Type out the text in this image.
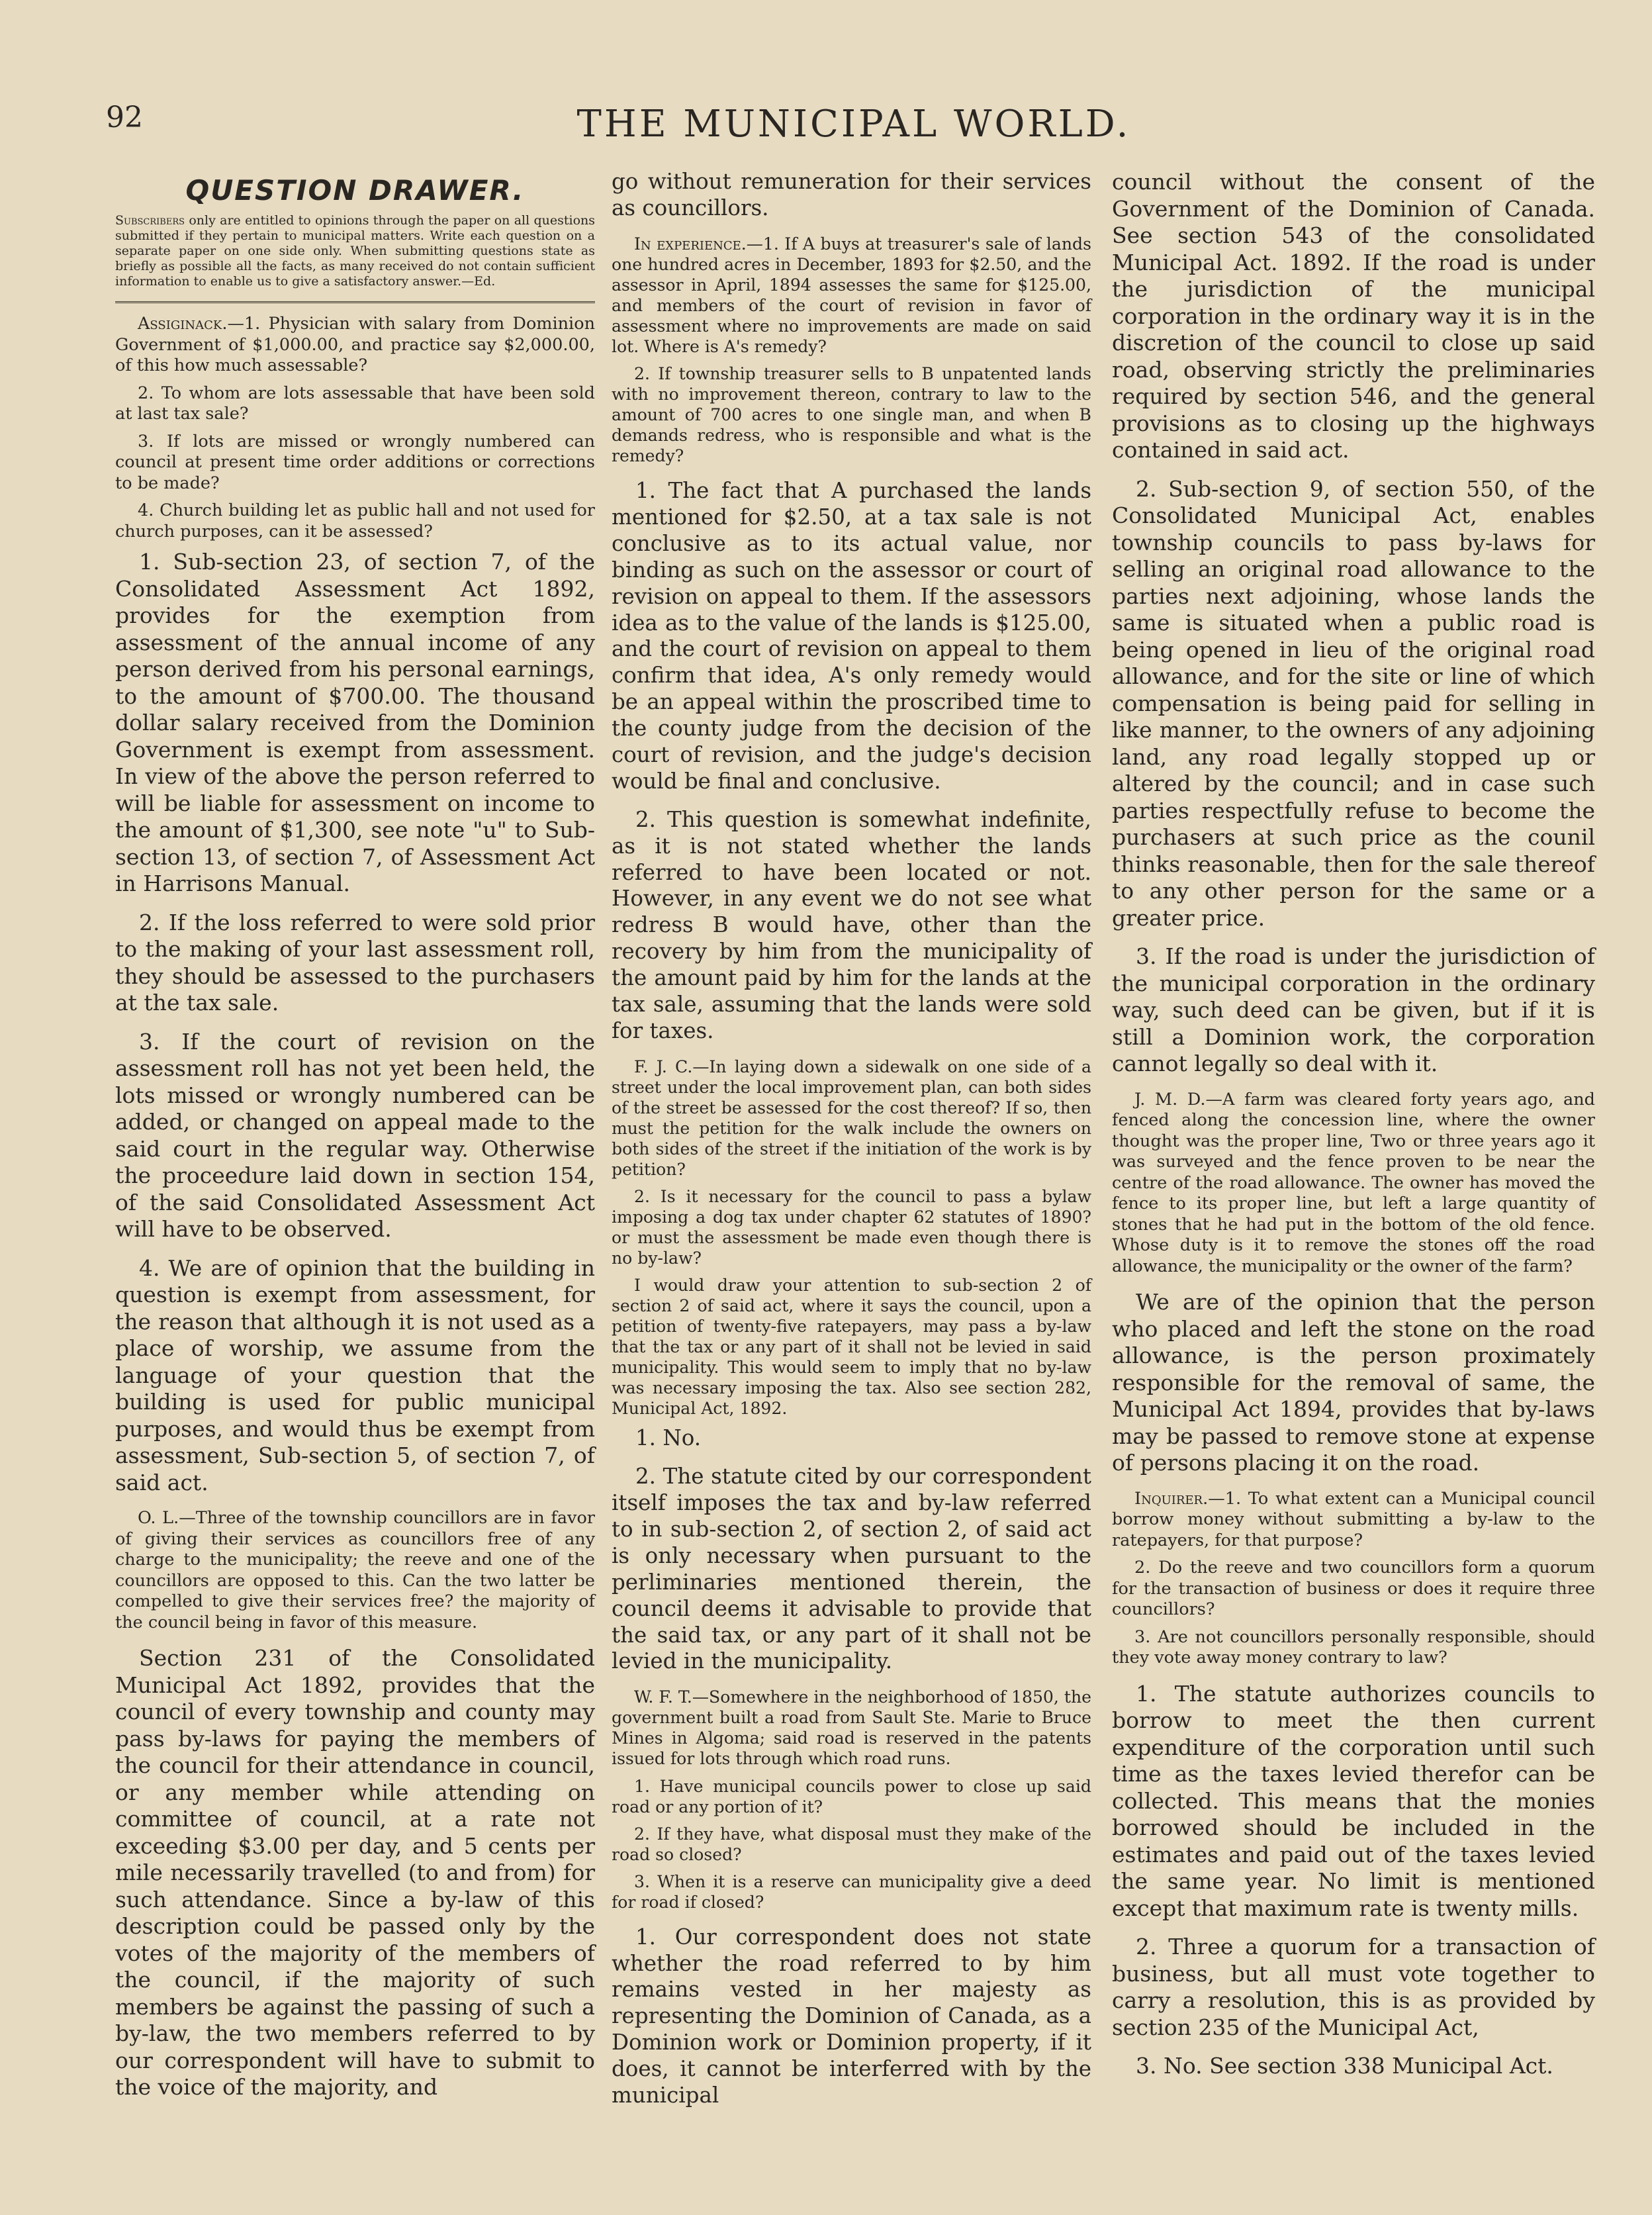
92	THE MUNICIPAL WORLD.
QUESTION DRAWER.

Subscribers only are entitled to opinions through the paper on all questions submitted if they pertain to municipal matters. Write each question on a separate paper on one side only. When submitting questions state as briefly as possible all the facts, as many received do not contain sufficient information to enable us to give a satisfactory answer.—Ed.

Assiginack.—1. Physician with salary from Dominion Government of $1,000.00, and practice say $2,000.00, of this how much assessable?

2. To whom are lots assessable that have been sold at last tax sale?

3. If lots are missed or wrongly numbered can council at present time order additions or corrections to be made?

4. Church building let as public hall and not used for church purposes, can it be assessed?

1. Sub-section 23, of section 7, of the Consolidated Assessment Act 1892, provides for the exemption from assessment of the annual income of any person derived from his personal earnings, to the amount of $700.00. The thousand dollar salary received from the Dominion Government is exempt from assessment. In view of the above the person referred to will be liable for assessment on income to the amount of $1,300, see note "u" to Sub-section 13, of section 7, of Assessment Act in Harrisons Manual.

2. If the loss referred to were sold prior to the making of your last assessment roll, they should be assessed to the purchasers at the tax sale.

3. If the court of revision on the assessment roll has not yet been held, the lots missed or wrongly numbered can be added, or changed on appeal made to the said court in the regular way. Otherwise the proceedure laid down in section 154, of the said Consolidated Assessment Act will have to be observed.

4. We are of opinion that the building in question is exempt from assessment, for the reason that although it is not used as a place of worship, we assume from the language of your question that the building is used for public municipal purposes, and would thus be exempt from assessment, Sub-section 5, of section 7, of said act.

O. L.—Three of the township councillors are in favor of giving their services as councillors free of any charge to the municipality; the reeve and one of the councillors are opposed to this. Can the two latter be compelled to give their services free? the majority of the council being in favor of this measure.

Section 231 of the Consolidated Municipal Act 1892, provides that the council of every township and county may pass by-laws for paying the members of the council for their attendance in council, or any member while attending on committee of council, at a rate not exceeding $3.00 per day, and 5 cents per mile necessarily travelled (to and from) for such attendance. Since a by-law of this description could be passed only by the votes of the majority of the members of the council, if the majority of such members be against the passing of such a by-law, the two members referred to by our correspondent will have to submit to the voice of the majority, and

go without remuneration for their services as councillors.

In experience.—1. If A buys at treasurer's sale of lands one hundred acres in December, 1893 for $2.50, and the assessor in April, 1894 assesses the same for $125.00, and members of the court of revision in favor of assessment where no improvements are made on said lot. Where is A's remedy?

2. If township treasurer sells to B unpatented lands with no improvement thereon, contrary to law to the amount of 700 acres to one single man, and when B demands redress, who is responsible and what is the remedy?

1. The fact that A purchased the lands mentioned for $2.50, at a tax sale is not conclusive as to its actual value, nor binding as such on the assessor or court of revision on appeal to them. If the assessors idea as to the value of the lands is $125.00, and the court of revision on appeal to them confirm that idea, A's only remedy would be an appeal within the proscribed time to the county judge from the decision of the court of revision, and the judge's decision would be final and conclusive.

2. This question is somewhat indefinite, as it is not stated whether the lands referred to have been located or not. However, in any event we do not see what redress B would have, other than the recovery by him from the municipality of the amount paid by him for the lands at the tax sale, assuming that the lands were sold for taxes.

F. J. C.—In laying down a sidewalk on one side of a street under the local improvement plan, can both sides of the street be assessed for the cost thereof? If so, then must the petition for the walk include the owners on both sides of the street if the initiation of the work is by petition?

2. Is it necessary for the council to pass a bylaw imposing a dog tax under chapter 62 statutes of 1890? or must the assessment be made even though there is no by-law?

I would draw your attention to sub-section 2 of section 2 of said act, where it says the council, upon a petition of twenty-five ratepayers, may pass a by-law that the tax or any part of it shall not be levied in said municipality. This would seem to imply that no by-law was necessary imposing the tax. Also see section 282, Municipal Act, 1892.

1. No.

2. The statute cited by our correspondent itself imposes the tax and by-law referred to in sub-section 2, of section 2, of said act is only necessary when pursuant to the perliminaries mentioned therein, the council deems it advisable to provide that the said tax, or any part of it shall not be levied in the municipality.

W. F. T.—Somewhere in the neighborhood of 1850, the government built a road from Sault Ste. Marie to Bruce Mines in Algoma; said road is reserved in the patents issued for lots through which road runs.

1. Have municipal councils power to close up said road or any portion of it?

2. If they have, what disposal must they make of the road so closed?

3. When it is a reserve can municipality give a deed for road if closed?

1. Our correspondent does not state whether the road referred to by him remains vested in her majesty as representing the Dominion of Canada, as a Dominion work or Dominion property, if it does, it cannot be interferred with by the municipal

council without the consent of the Government of the Dominion of Canada. See section 543 of the consolidated Municipal Act. 1892. If the road is under the jurisdiction of the municipal corporation in the ordinary way it is in the discretion of the council to close up said road, observing strictly the preliminaries required by section 546, and the general provisions as to closing up the highways contained in said act.

2. Sub-section 9, of section 550, of the Consolidated Municipal Act, enables township councils to pass by-laws for selling an original road allowance to the parties next adjoining, whose lands the same is situated when a public road is being opened in lieu of the original road allowance, and for the site or line of which compensation is being paid for selling in like manner, to the owners of any adjoining land, any road legally stopped up or altered by the council; and in case such parties respectfully refuse to become the purchasers at such price as the counil thinks reasonable, then for the sale thereof to any other person for the same or a greater price.

3. If the road is under the jurisdiction of the municipal corporation in the ordinary way, such deed can be given, but if it is still a Dominion work, the corporation cannot legally so deal with it.

J. M. D.—A farm was cleared forty years ago, and fenced along the concession line, where the owner thought was the proper line, Two or three years ago it was surveyed and the fence proven to be near the centre of the road allowance. The owner has moved the fence to its proper line, but left a large quantity of stones that he had put in the bottom of the old fence. Whose duty is it to remove the stones off the road allowance, the municipality or the owner of the farm?

We are of the opinion that the person who placed and left the stone on the road allowance, is the person proximately responsible for the removal of same, the Municipal Act 1894, provides that by-laws may be passed to remove stone at expense of persons placing it on the road.

Inquirer.—1. To what extent can a Municipal council borrow money without submitting a by-law to the ratepayers, for that purpose?

2. Do the reeve and two councillors form a quorum for the transaction of business or does it require three councillors?

3. Are not councillors personally responsible, should they vote away money contrary to law?

1. The statute authorizes councils to borrow to meet the then current expenditure of the corporation until such time as the taxes levied therefor can be collected. This means that the monies borrowed should be included in the estimates and paid out of the taxes levied the same year. No limit is mentioned except that maximum rate is twenty mills.

2. Three a quorum for a transaction of business, but all must vote together to carry a resolution, this is as provided by section 235 of the Municipal Act,

3. No. See section 338 Municipal Act.
